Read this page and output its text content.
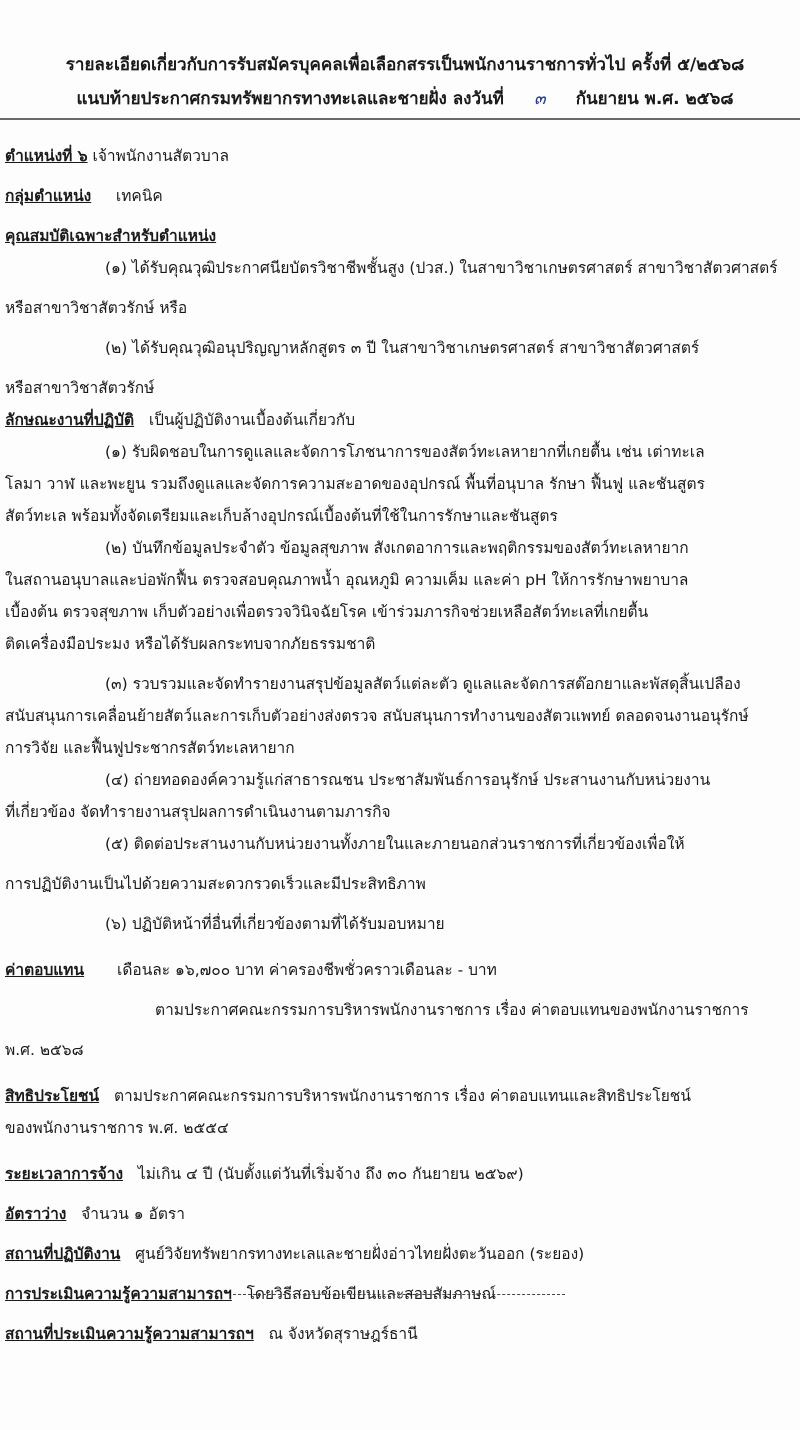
รายละเอียดเกี่ยวกับการรับสมัครบุคคลเพื่อเลือกสรรเป็นพนักงานราชการทั่วไป ครั้งที่ ๕/๒๕๖๘
แนบท้ายประกาศกรมทรัพยากรทางทะเลและชายฝั่ง ลงวันที่ ๓ กันยายน พ.ศ. ๒๕๖๘
ตำแหน่งที่ ๖ เจ้าพนักงานสัตวบาล
กลุ่มตำแหน่ง เทคนิค
คุณสมบัติเฉพาะสำหรับตำแหน่ง
(๑) ได้รับคุณวุฒิประกาศนียบัตรวิชาชีพชั้นสูง (ปวส.) ในสาขาวิชาเกษตรศาสตร์ สาขาวิชาสัตวศาสตร์
หรือสาขาวิชาสัตวรักษ์ หรือ
(๒) ได้รับคุณวุฒิอนุปริญญาหลักสูตร ๓ ปี ในสาขาวิชาเกษตรศาสตร์ สาขาวิชาสัตวศาสตร์
หรือสาขาวิชาสัตวรักษ์
ลักษณะงานที่ปฏิบัติ เป็นผู้ปฏิบัติงานเบื้องต้นเกี่ยวกับ
(๑) รับผิดชอบในการดูแลและจัดการโภชนาการของสัตว์ทะเลหายากที่เกยตื้น เช่น เต่าทะเล
โลมา วาฬ และพะยูน รวมถึงดูแลและจัดการความสะอาดของอุปกรณ์ พื้นที่อนุบาล รักษา ฟื้นฟู และชันสูตร
สัตว์ทะเล พร้อมทั้งจัดเตรียมและเก็บล้างอุปกรณ์เบื้องต้นที่ใช้ในการรักษาและชันสูตร
(๒) บันทึกข้อมูลประจำตัว ข้อมูลสุขภาพ สังเกตอาการและพฤติกรรมของสัตว์ทะเลหายาก
ในสถานอนุบาลและบ่อพักฟื้น ตรวจสอบคุณภาพน้ำ อุณหภูมิ ความเค็ม และค่า pH ให้การรักษาพยาบาล
เบื้องต้น ตรวจสุขภาพ เก็บตัวอย่างเพื่อตรวจวินิจฉัยโรค เข้าร่วมภารกิจช่วยเหลือสัตว์ทะเลที่เกยตื้น
ติดเครื่องมือประมง หรือได้รับผลกระทบจากภัยธรรมชาติ
(๓) รวบรวมและจัดทำรายงานสรุปข้อมูลสัตว์แต่ละตัว ดูแลและจัดการสต๊อกยาและพัสดุสิ้นเปลือง
สนับสนุนการเคลื่อนย้ายสัตว์และการเก็บตัวอย่างส่งตรวจ สนับสนุนการทำงานของสัตวแพทย์ ตลอดจนงานอนุรักษ์
การวิจัย และฟื้นฟูประชากรสัตว์ทะเลหายาก
(๔) ถ่ายทอดองค์ความรู้แก่สาธารณชน ประชาสัมพันธ์การอนุรักษ์ ประสานงานกับหน่วยงาน
ที่เกี่ยวข้อง จัดทำรายงานสรุปผลการดำเนินงานตามภารกิจ
(๕) ติดต่อประสานงานกับหน่วยงานทั้งภายในและภายนอกส่วนราชการที่เกี่ยวข้องเพื่อให้
การปฏิบัติงานเป็นไปด้วยความสะดวกรวดเร็วและมีประสิทธิภาพ
(๖) ปฏิบัติหน้าที่อื่นที่เกี่ยวข้องตามที่ได้รับมอบหมาย
ค่าตอบแทน เดือนละ ๑๖,๗๐๐ บาท ค่าครองชีพชั่วคราวเดือนละ - บาท
ตามประกาศคณะกรรมการบริหารพนักงานราชการ เรื่อง ค่าตอบแทนของพนักงานราชการ
พ.ศ. ๒๕๖๘
สิทธิประโยชน์ ตามประกาศคณะกรรมการบริหารพนักงานราชการ เรื่อง ค่าตอบแทนและสิทธิประโยชน์
ของพนักงานราชการ พ.ศ. ๒๕๕๔
ระยะเวลาการจ้าง ไม่เกิน ๔ ปี (นับตั้งแต่วันที่เริ่มจ้าง ถึง ๓๐ กันยายน ๒๕๖๙)
อัตราว่าง จำนวน ๑ อัตรา
สถานที่ปฏิบัติงาน ศูนย์วิจัยทรัพยากรทางทะเลและชายฝั่งอ่าวไทยฝั่งตะวันออก (ระยอง)
การประเมินความรู้ความสามารถฯ โดยวิธีสอบข้อเขียนและสอบสัมภาษณ์
สถานที่ประเมินความรู้ความสามารถฯ ณ จังหวัดสุราษฎร์ธานี
